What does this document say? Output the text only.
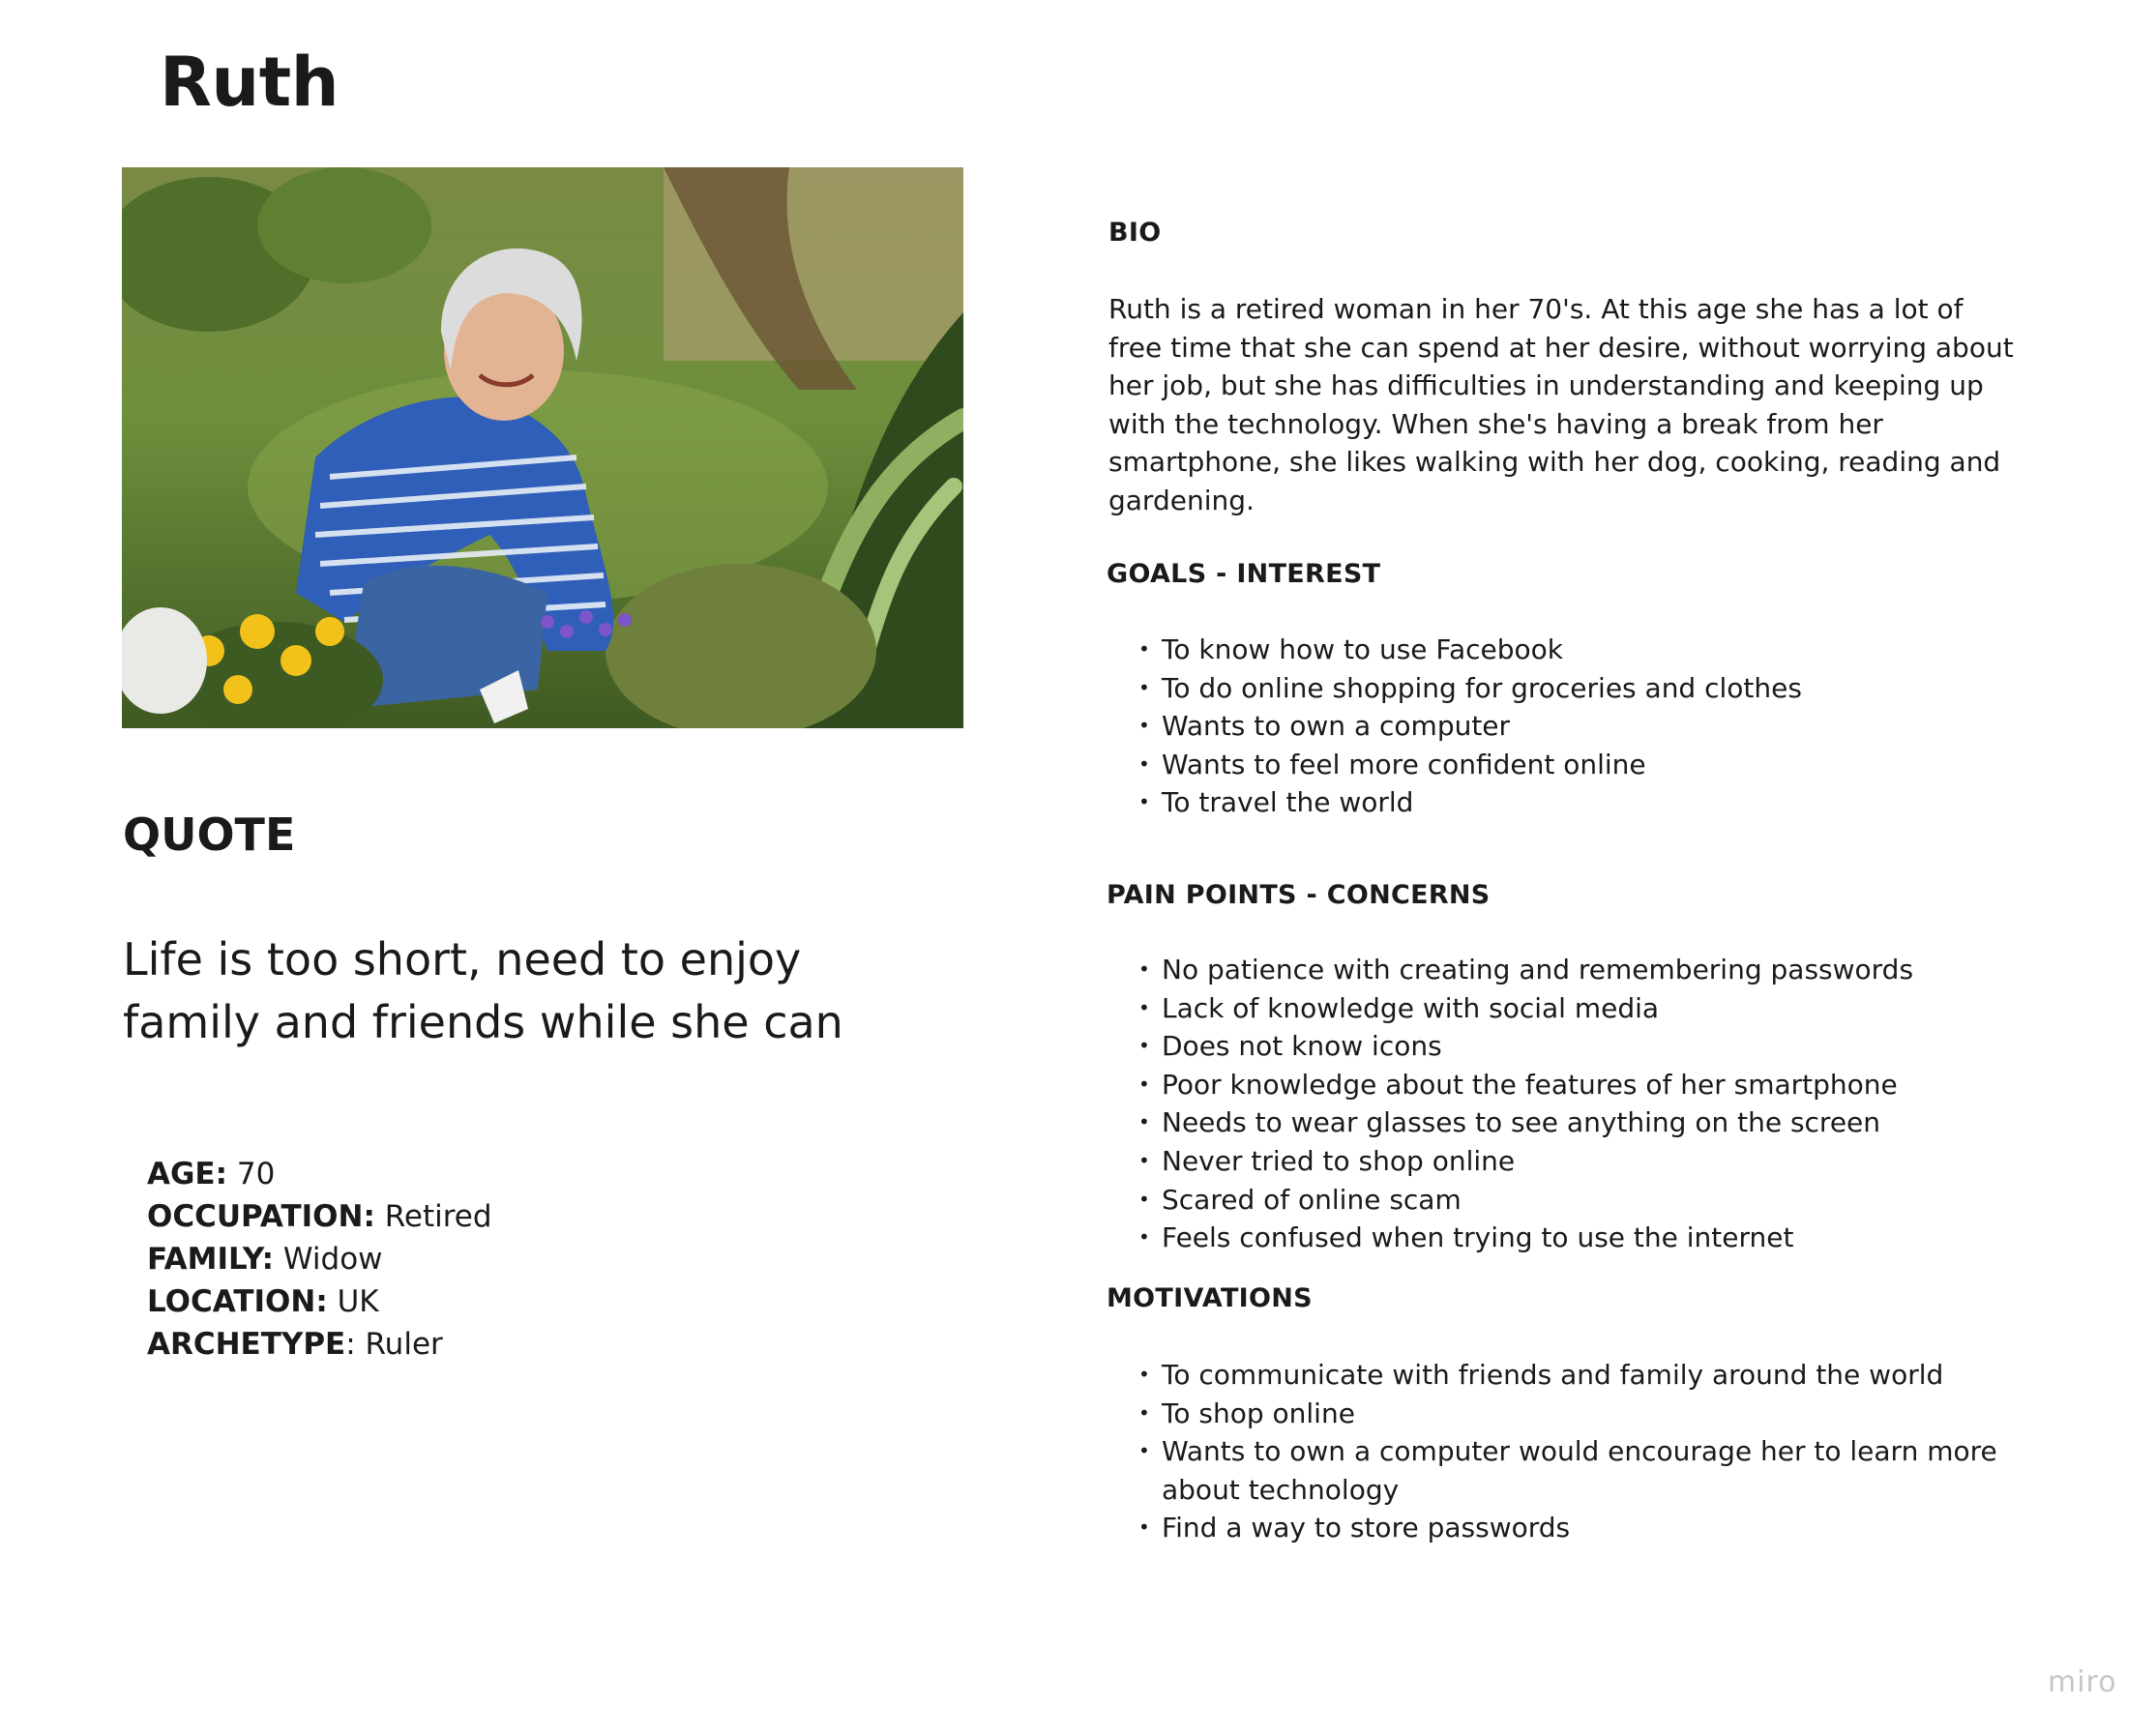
Ruth
QUOTE

Life is too short, need to enjoy family and friends while she can

AGE: 70
OCCUPATION: Retired
FAMILY: Widow
LOCATION: UK
ARCHETYPE: Ruler
BIO

Ruth is a retired woman in her 70's. At this age she has a lot of free time that she can spend at her desire, without worrying about her job, but she has difficulties in understanding and keeping up with the technology. When she's having a break from her smartphone, she likes walking with her dog, cooking, reading and gardening.

GOALS - INTEREST
• To know how to use Facebook
• To do online shopping for groceries and clothes
• Wants to own a computer
• Wants to feel more confident online
• To travel the world
PAIN POINTS - CONCERNS
• No patience with creating and remembering passwords
• Lack of knowledge with social media
• Does not know icons
• Poor knowledge about the features of her smartphone
• Needs to wear glasses to see anything on the screen
• Never tried to shop online
• Scared of online scam
• Feels confused when trying to use the internet
MOTIVATIONS
• To communicate with friends and family around the world
• To shop online
• Wants to own a computer would encourage her to learn more about technology
• Find a way to store passwords
miro
